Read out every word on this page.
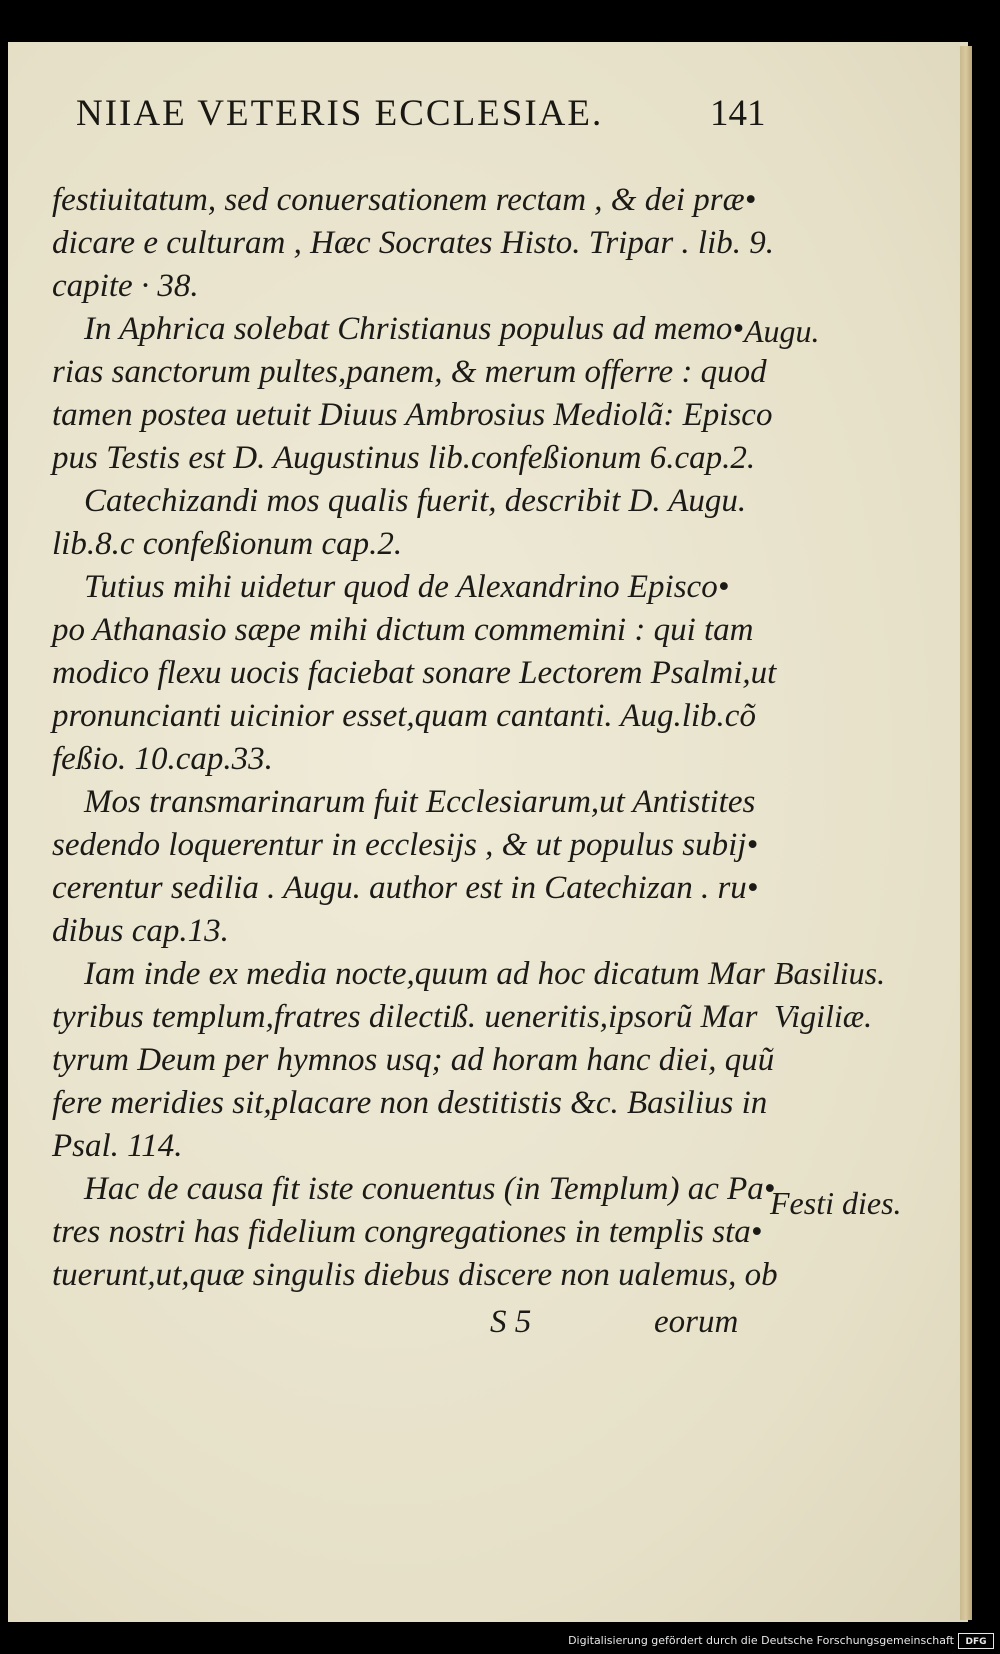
NIIAE VETERIS ECCLESIAE.	141
festiuitatum, sed conuersationem rectam , & dei præ•
dicare e culturam , Hæc Socrates Histo. Tripar . lib. 9.
capite · 38.
In Aphrica solebat Christianus populus ad memo•
rias sanctorum pultes,panem, & merum offerre : quod
tamen postea uetuit Diuus Ambrosius Mediolã: Episco
pus Testis est D. Augustinus lib.confeßionum 6.cap.2.
Catechizandi mos qualis fuerit, describit D. Augu.
lib.8.c confeßionum cap.2.
Tutius mihi uidetur quod de Alexandrino Episco•
po Athanasio sæpe mihi dictum commemini : qui tam
modico flexu uocis faciebat sonare Lectorem Psalmi,ut
pronuncianti uicinior esset,quam cantanti. Aug.lib.cõ
feßio. 10.cap.33.
Mos transmarinarum fuit Ecclesiarum,ut Antistites
sedendo loquerentur in ecclesijs , & ut populus subij•
cerentur sedilia . Augu. author est in Catechizan . ru•
dibus cap.13.
Iam inde ex media nocte,quum ad hoc dicatum Mar
tyribus templum,fratres dilectiß. ueneritis,ipsorũ Mar
tyrum Deum per hymnos usq; ad horam hanc diei, quũ
fere meridies sit,placare non destitistis &c. Basilius in
Psal. 114.
Hac de causa fit iste conuentus (in Templum) ac Pa•
tres nostri has fidelium congregationes in templis sta•
tuerunt,ut,quæ singulis diebus discere non ualemus, ob
Augu.
Basilius.
Vigiliæ.
Festi dies.
S 5	eorum
Digitalisierung gefördert durch die Deutsche Forschungsgemeinschaft	DFG
